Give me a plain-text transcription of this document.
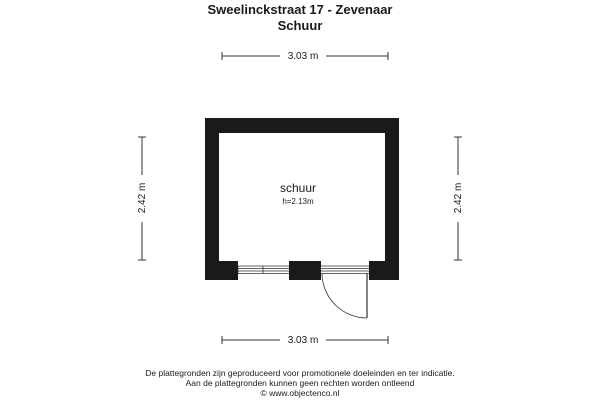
Sweelinckstraat 17 - Zevenaar
Schuur
3.03 m
3.03 m
2.42 m	2.42 m
schuur
h=2.13m
De plattegronden zijn geproduceerd voor promotionele doeleinden en ter indicatie.
Aan de plattegronden kunnen geen rechten worden ontleend
© www.objectenco.nl
